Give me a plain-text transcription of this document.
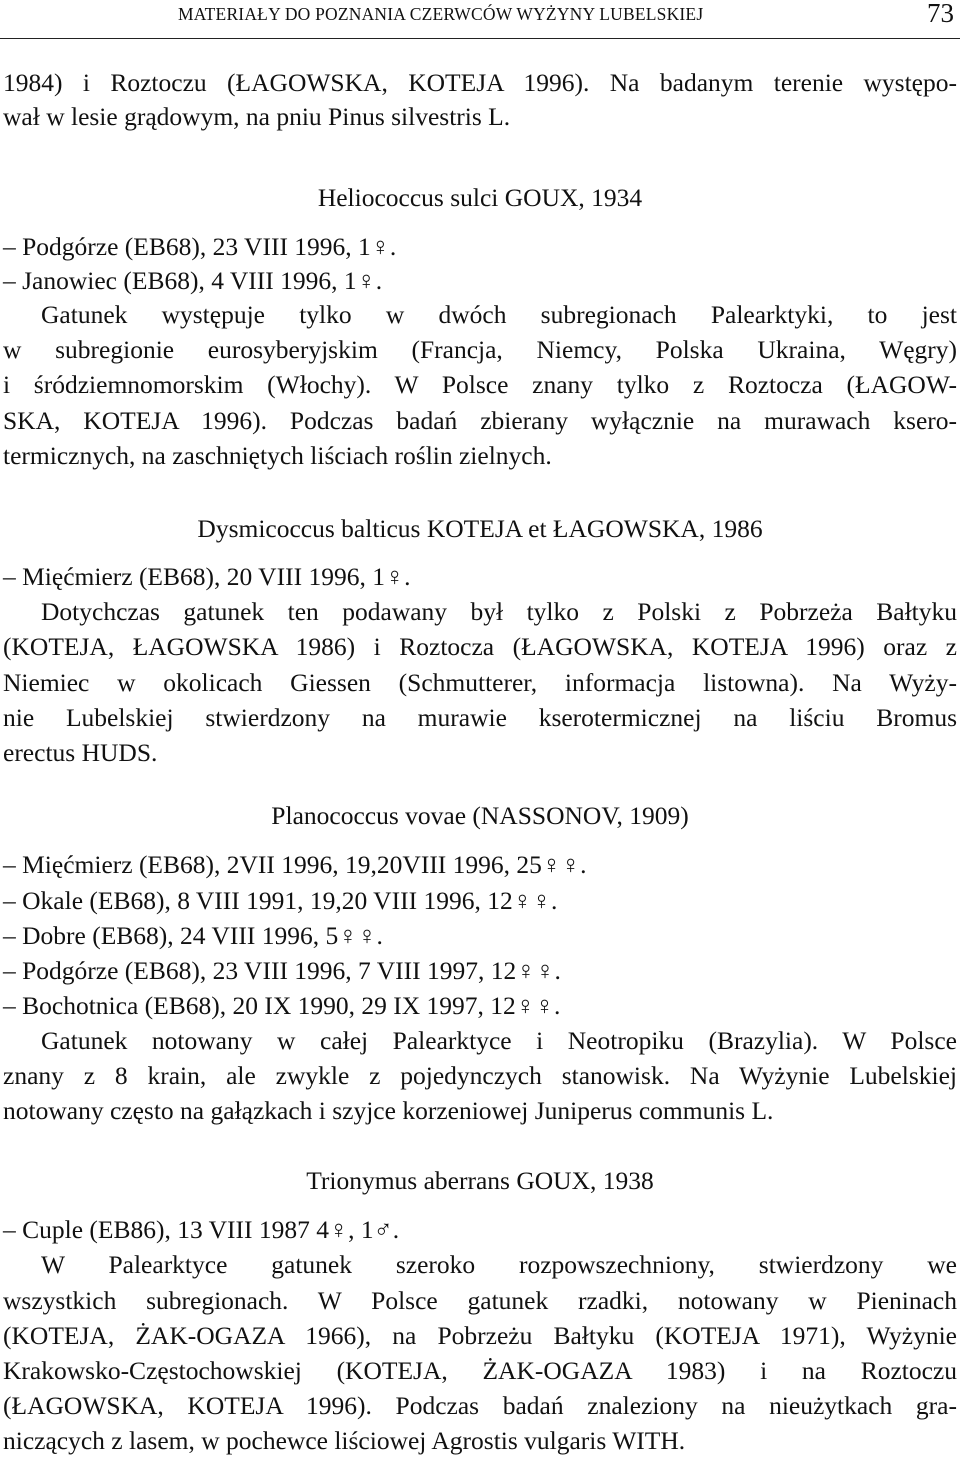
MATERIAŁY DO POZNANIA CZERWCÓW WYŻYNY LUBELSKIEJ	73
1984) i Roztoczu (ŁAGOWSKA, KOTEJA 1996). Na badanym terenie występo-
wał w lesie grądowym, na pniu Pinus silvestris L.
Heliococcus sulci GOUX, 1934
– Podgórze (EB68), 23 VIII 1996, 1♀.
– Janowiec (EB68), 4 VIII 1996, 1♀.
Gatunek występuje tylko w dwóch subregionach Palearktyki, to jest
w subregionie eurosyberyjskim (Francja, Niemcy, Polska Ukraina, Węgry)
i śródziemnomorskim (Włochy). W Polsce znany tylko z Roztocza (ŁAGOW-
SKA, KOTEJA 1996). Podczas badań zbierany wyłącznie na murawach ksero-
termicznych, na zaschniętych liściach roślin zielnych.
Dysmicoccus balticus KOTEJA et ŁAGOWSKA, 1986
– Mięćmierz (EB68), 20 VIII 1996, 1♀.
Dotychczas gatunek ten podawany był tylko z Polski z Pobrzeża Bałtyku
(KOTEJA, ŁAGOWSKA 1986) i Roztocza (ŁAGOWSKA, KOTEJA 1996) oraz z
Niemiec w okolicach Giessen (Schmutterer, informacja listowna). Na Wyży-
nie Lubelskiej stwierdzony na murawie kserotermicznej na liściu Bromus
erectus HUDS.
Planococcus vovae (NASSONOV, 1909)
– Mięćmierz (EB68), 2VII 1996, 19,20VIII 1996, 25♀♀.
– Okale (EB68), 8 VIII 1991, 19,20 VIII 1996, 12♀♀.
– Dobre (EB68), 24 VIII 1996, 5♀♀.
– Podgórze (EB68), 23 VIII 1996, 7 VIII 1997, 12♀♀.
– Bochotnica (EB68), 20 IX 1990, 29 IX 1997, 12♀♀.
Gatunek notowany w całej Palearktyce i Neotropiku (Brazylia). W Polsce
znany z 8 krain, ale zwykle z pojedynczych stanowisk. Na Wyżynie Lubelskiej
notowany często na gałązkach i szyjce korzeniowej Juniperus communis L.
Trionymus aberrans GOUX, 1938
– Cuple (EB86), 13 VIII 1987 4♀, 1♂.
W Palearktyce gatunek szeroko rozpowszechniony, stwierdzony we
wszystkich subregionach. W Polsce gatunek rzadki, notowany w Pieninach
(KOTEJA, ŻAK-OGAZA 1966), na Pobrzeżu Bałtyku (KOTEJA 1971), Wyżynie
Krakowsko-Częstochowskiej (KOTEJA, ŻAK-OGAZA 1983) i na Roztoczu
(ŁAGOWSKA, KOTEJA 1996). Podczas badań znaleziony na nieużytkach gra-
niczących z lasem, w pochewce liściowej Agrostis vulgaris WITH.
